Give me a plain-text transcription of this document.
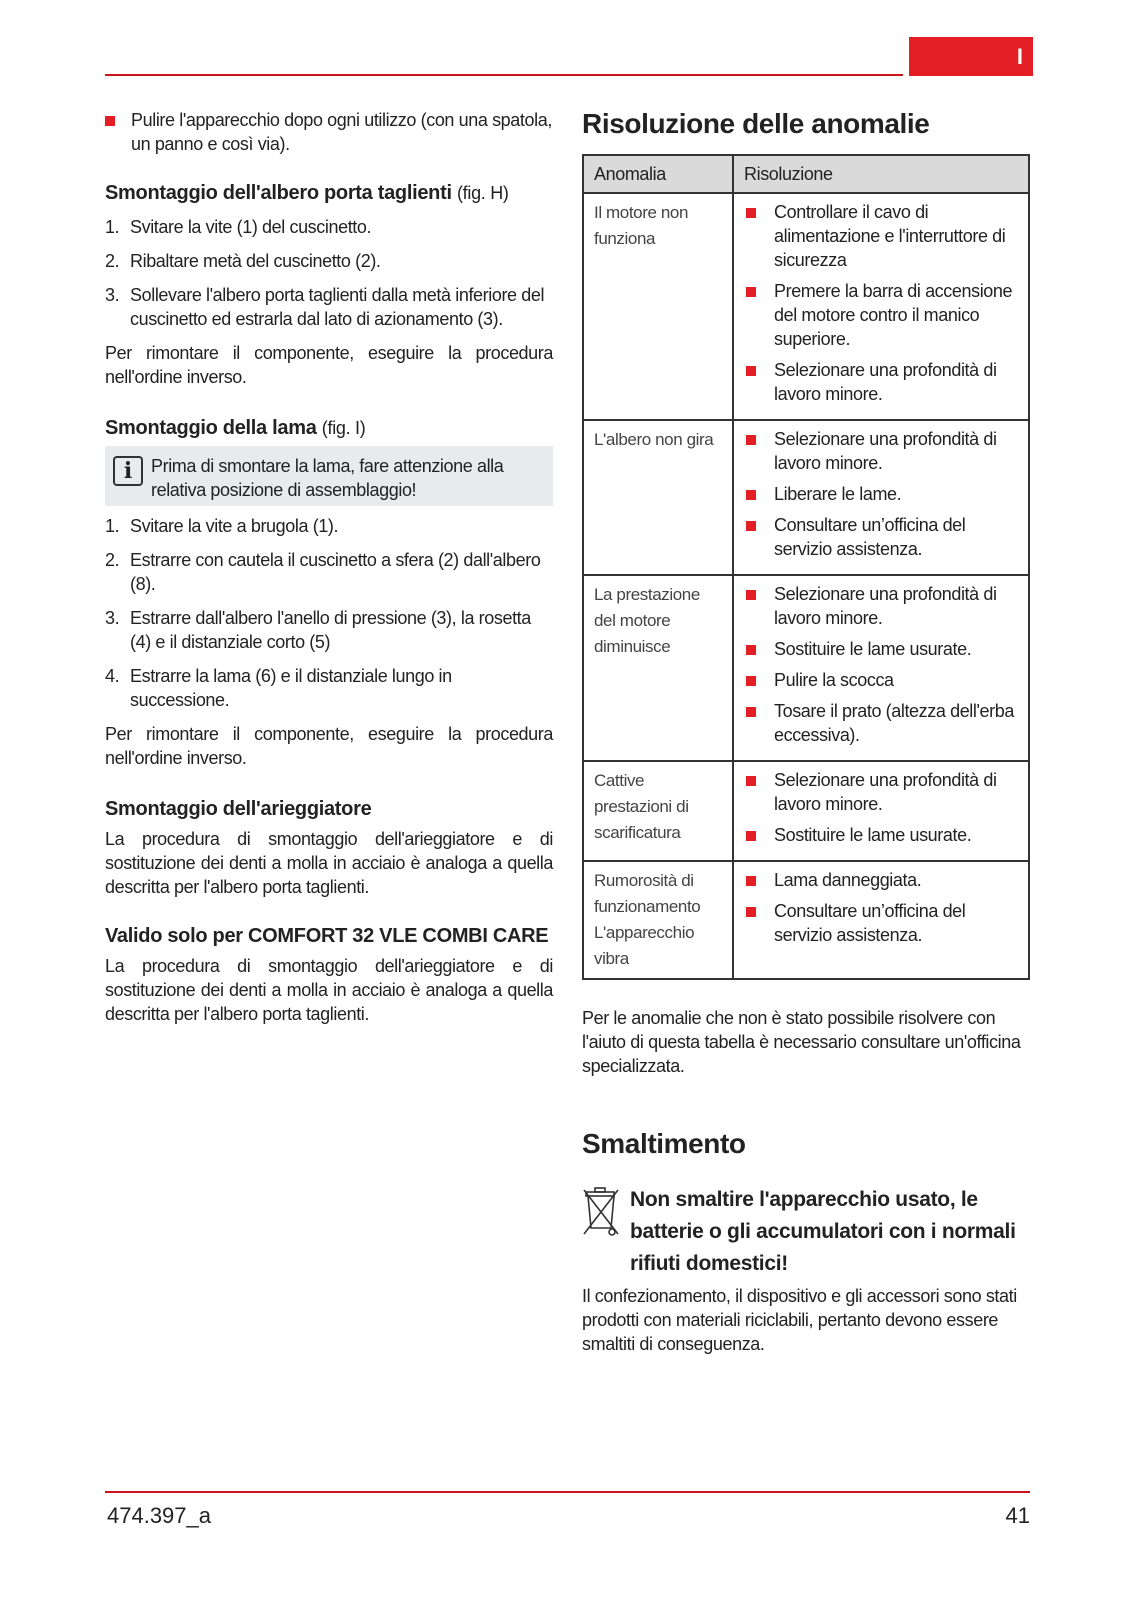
I

Pulire l'apparecchio dopo ogni utilizzo (con una spatola, un panno e così via).

Smontaggio dell'albero porta taglienti (fig. H)
1. Svitare la vite (1) del cuscinetto.
2. Ribaltare metà del cuscinetto (2).
3. Sollevare l'albero porta taglienti dalla metà inferiore del cuscinetto ed estrarla dal lato di azionamento (3).

Per rimontare il componente, eseguire la procedura nell'ordine inverso.

Smontaggio della lama (fig. I)
i	Prima di smontare la lama, fare attenzione alla relativa posizione di assemblaggio!

1. Svitare la vite a brugola (1).
2. Estrarre con cautela il cuscinetto a sfera (2) dall'albero (8).
3. Estrarre dall'albero l'anello di pressione (3), la rosetta (4) e il distanziale corto (5)
4. Estrarre la lama (6) e il distanziale lungo in successione.

Per rimontare il componente, eseguire la procedura nell'ordine inverso.

Smontaggio dell'arieggiatore

La procedura di smontaggio dell'arieggiatore e di sostituzione dei denti a molla in acciaio è analoga a quella descritta per l'albero porta taglienti.

Valido solo per COMFORT 32 VLE COMBI CARE

La procedura di smontaggio dell'arieggiatore e di sostituzione dei denti a molla in acciaio è analoga a quella descritta per l'albero porta taglienti.

Risoluzione delle anomalie
Anomalia	Risoluzione
Il motore non funziona	Controllare il cavo di alimentazione e l'interruttore di sicurezza

Premere la barra di accensione del motore contro il manico superiore.

Selezionare una profondità di lavoro minore.

L'albero non gira	Selezionare una profondità di lavoro minore.

Liberare le lame.

Consultare un’officina del servizio assistenza.

La prestazione del motore diminuisce	Selezionare una profondità di lavoro minore.

Sostituire le lame usurate.

Pulire la scocca

Tosare il prato (altezza dell'erba eccessiva).

Cattive prestazioni di scarificatura	Selezionare una profondità di lavoro minore.

Sostituire le lame usurate.

Rumorosità di funzionamento L'apparecchio vibra	Lama danneggiata.

Consultare un’officina del servizio assistenza.

Per le anomalie che non è stato possibile risolvere con l'aiuto di questa tabella è necessario consultare un'officina specializzata.

Smaltimento
Non smaltire l'apparecchio usato, le batterie o gli accumulatori con i normali rifiuti domestici!

Il confezionamento, il dispositivo e gli accessori sono stati prodotti con materiali riciclabili, pertanto devono essere smaltiti di conseguenza.

474.397_a	41
